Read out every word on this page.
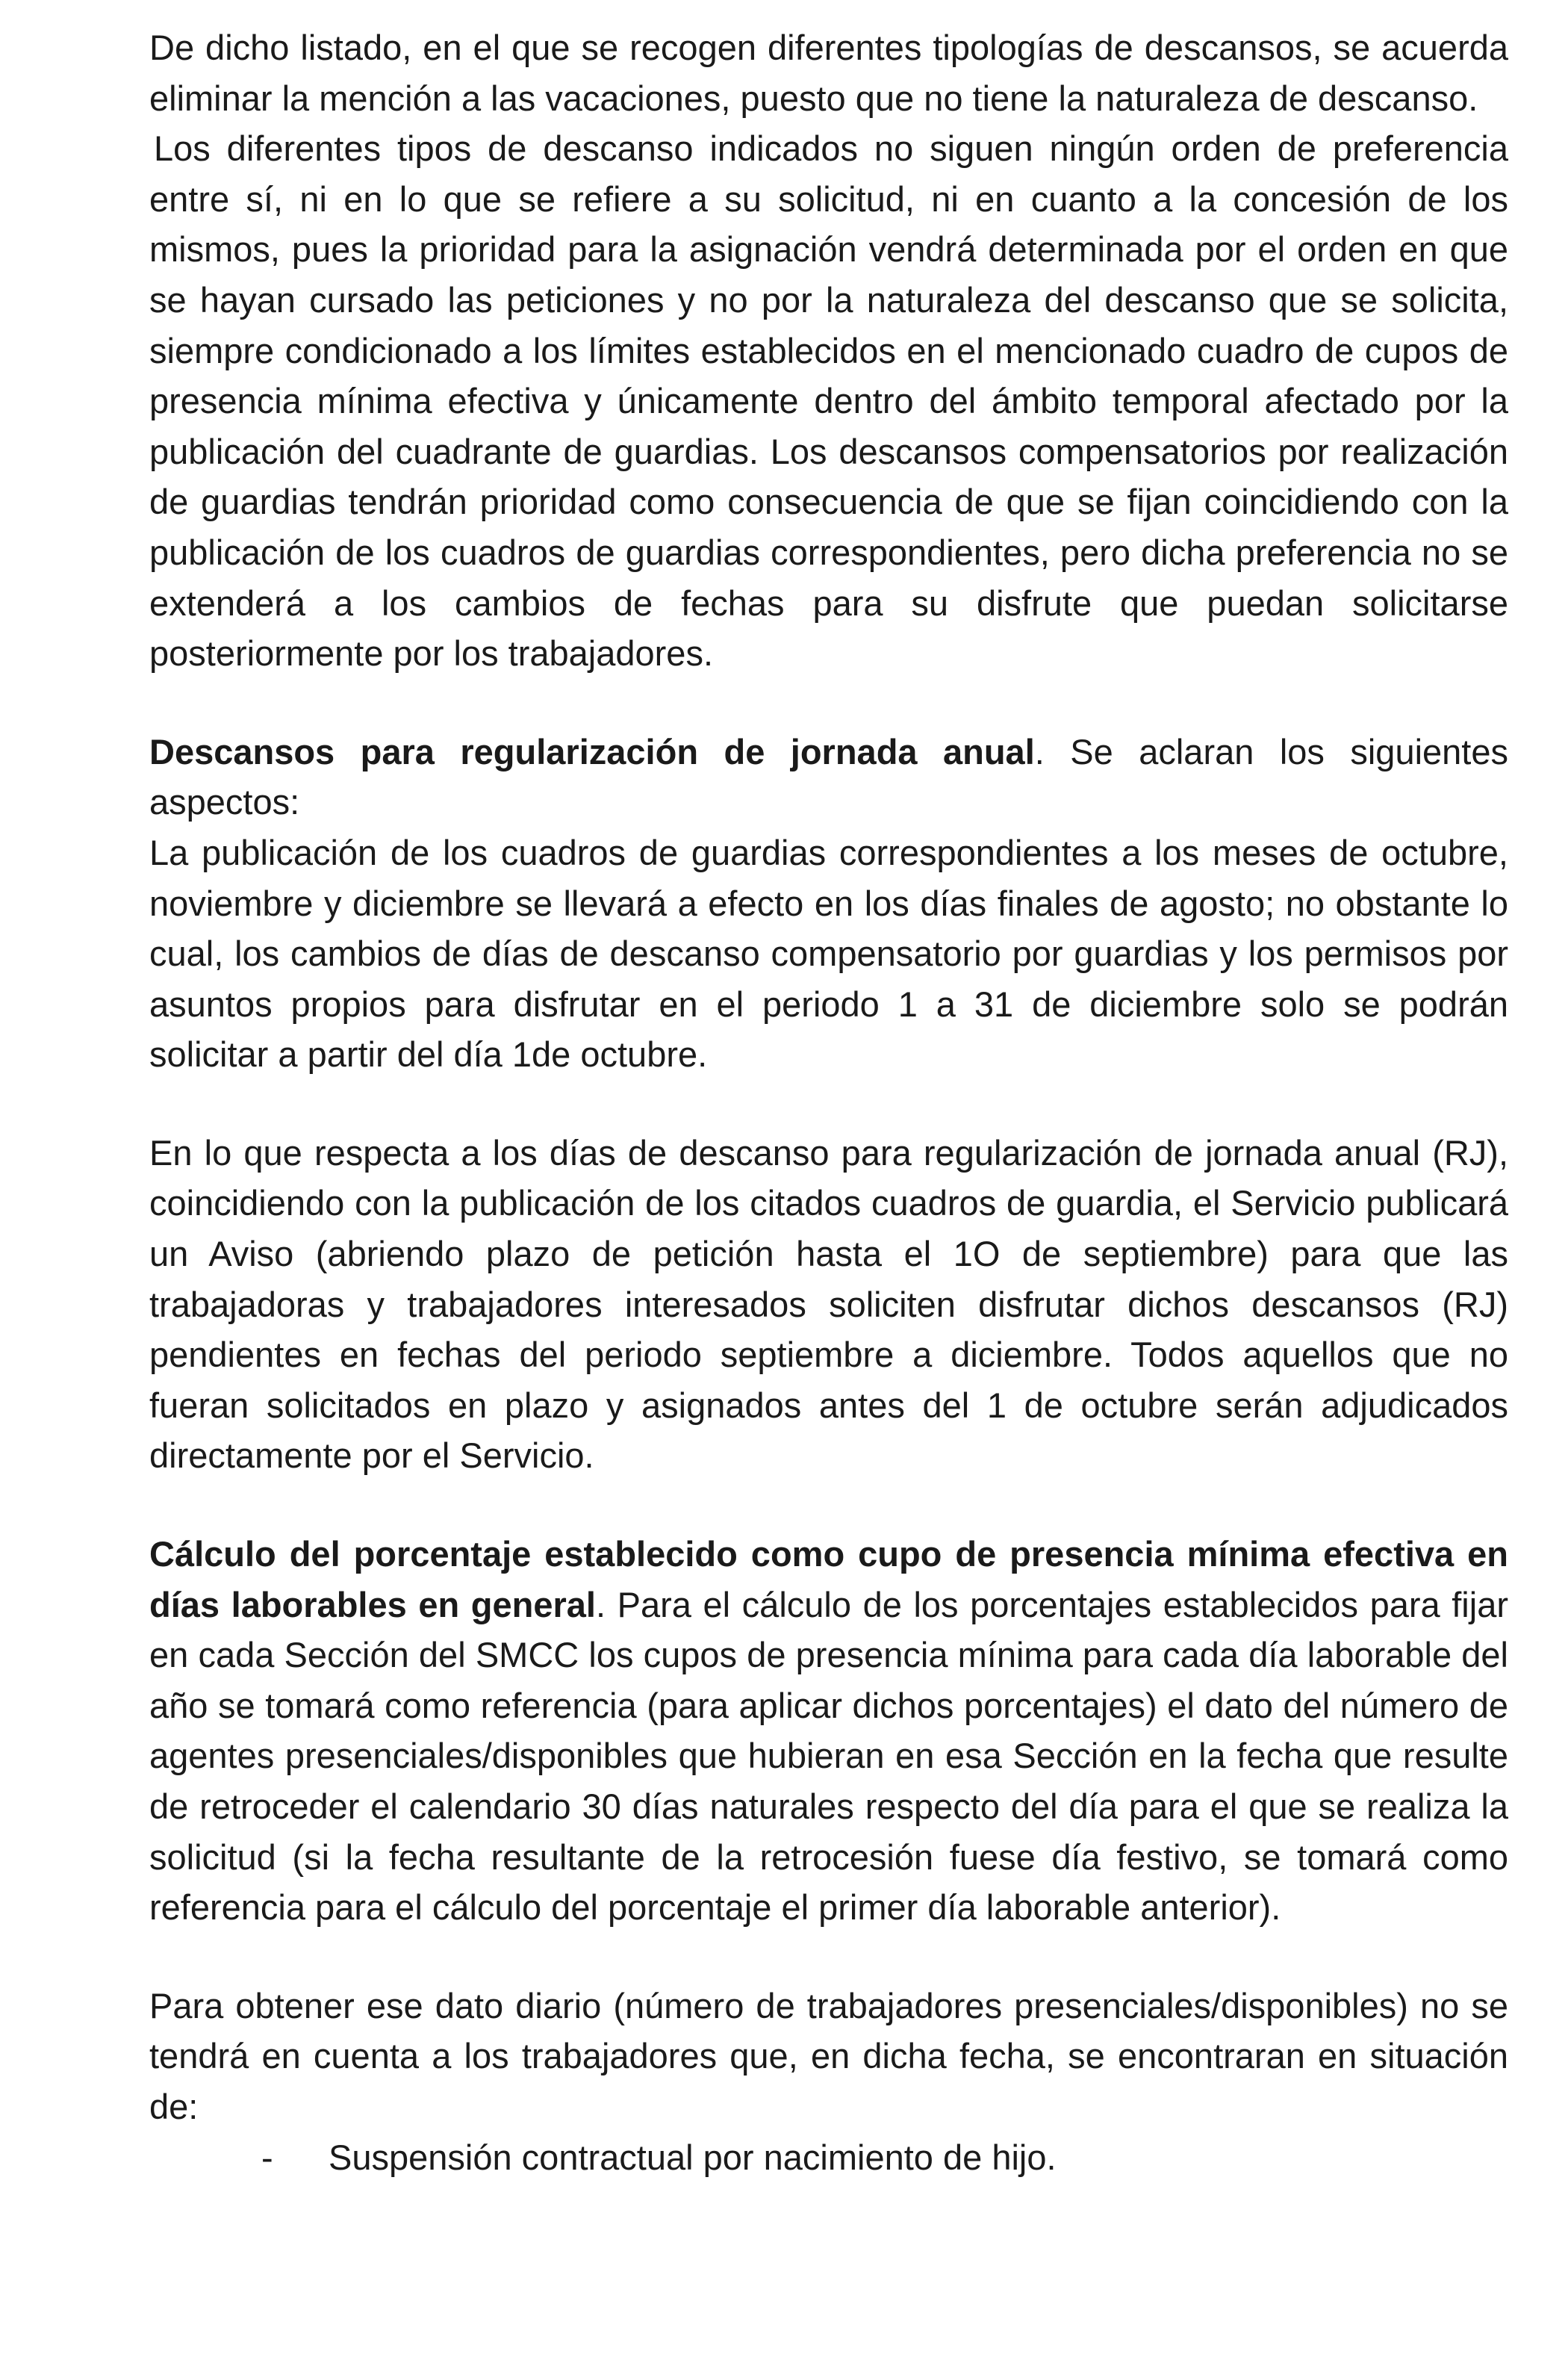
De dicho listado, en el que se recogen diferentes tipologías de descansos, se acuerda eliminar la mención a las vacaciones, puesto que no tiene la naturaleza de descanso.

Los diferentes tipos de descanso indicados no siguen ningún orden de preferencia entre sí, ni en lo que se refiere a su solicitud, ni en cuanto a la concesión de los mismos, pues la prioridad para la asignación vendrá determinada por el orden en que se hayan cursado las peticiones y no por la naturaleza del descanso que se solicita, siempre condicionado a los límites establecidos en el mencionado cuadro de cupos de presencia mínima efectiva y únicamente dentro del ámbito temporal afectado por la publicación del cuadrante de guardias. Los descansos compensatorios por realización de guardias tendrán prioridad como consecuencia de que se fijan coincidiendo con la publicación de los cuadros de guardias correspondientes, pero dicha preferencia no se extenderá a los cambios de fechas para su disfrute que puedan solicitarse posteriormente por los trabajadores.

Descansos para regularización de jornada anual. Se aclaran los siguientes aspectos:

La publicación de los cuadros de guardias correspondientes a los meses de octubre, noviembre y diciembre se llevará a efecto en los días finales de agosto; no obstante lo cual, los cambios de días de descanso compensatorio por guardias y los permisos por asuntos propios para disfrutar en el periodo 1 a 31 de diciembre solo se podrán solicitar a partir del día 1de octubre.

En lo que respecta a los días de descanso para regularización de jornada anual (RJ), coincidiendo con la publicación de los citados cuadros de guardia, el Servicio publicará un Aviso (abriendo plazo de petición hasta el 1O de septiembre) para que las trabajadoras y trabajadores interesados soliciten disfrutar dichos descansos (RJ) pendientes en fechas del periodo septiembre a diciembre. Todos aquellos que no fueran solicitados en plazo y asignados antes del 1 de octubre serán adjudicados directamente por el Servicio.

Cálculo del porcentaje establecido como cupo de presencia mínima efectiva en días laborables en general. Para el cálculo de los porcentajes establecidos para fijar en cada Sección del SMCC los cupos de presencia mínima para cada día laborable del año se tomará como referencia (para aplicar dichos porcentajes) el dato del número de agentes presenciales/disponibles que hubieran en esa Sección en la fecha que resulte de retroceder el calendario 30 días naturales respecto del día para el que se realiza la solicitud (si la fecha resultante de la retrocesión fuese día festivo, se tomará como referencia para el cálculo del porcentaje el primer día laborable anterior).

Para obtener ese dato diario (número de trabajadores presenciales/disponibles) no se tendrá en cuenta a los trabajadores que, en dicha fecha, se encontraran en situación de:

-	Suspensión contractual por nacimiento de hijo.
